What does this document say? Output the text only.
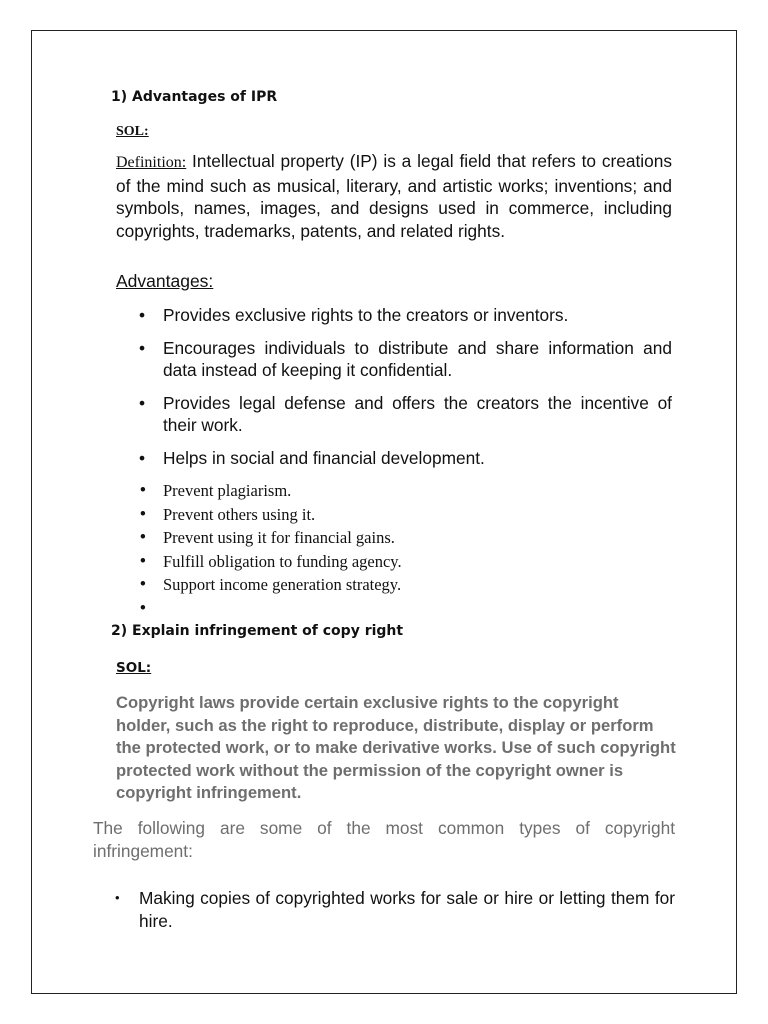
1) Advantages of IPR
SOL:
Definition: Intellectual property (IP) is a legal field that refers to creations of the mind such as musical, literary, and artistic works; inventions; and symbols, names, images, and designs used in commerce, including copyrights, trademarks, patents, and related rights.
Advantages:
• Provides exclusive rights to the creators or inventors.
• Encourages individuals to distribute and share information and data instead of keeping it confidential.
• Provides legal defense and offers the creators the incentive of their work.
• Helps in social and financial development.
• Prevent plagiarism.
• Prevent others using it.
• Prevent using it for financial gains.
• Fulfill obligation to funding agency.
• Support income generation strategy.
•
2) Explain infringement of copy right
SOL:
Copyright laws provide certain exclusive rights to the copyright holder, such as the right to reproduce, distribute, display or perform the protected work, or to make derivative works. Use of such copyright protected work without the permission of the copyright owner is copyright infringement.
The following are some of the most common types of copyright infringement:
• Making copies of copyrighted works for sale or hire or letting them for hire.
